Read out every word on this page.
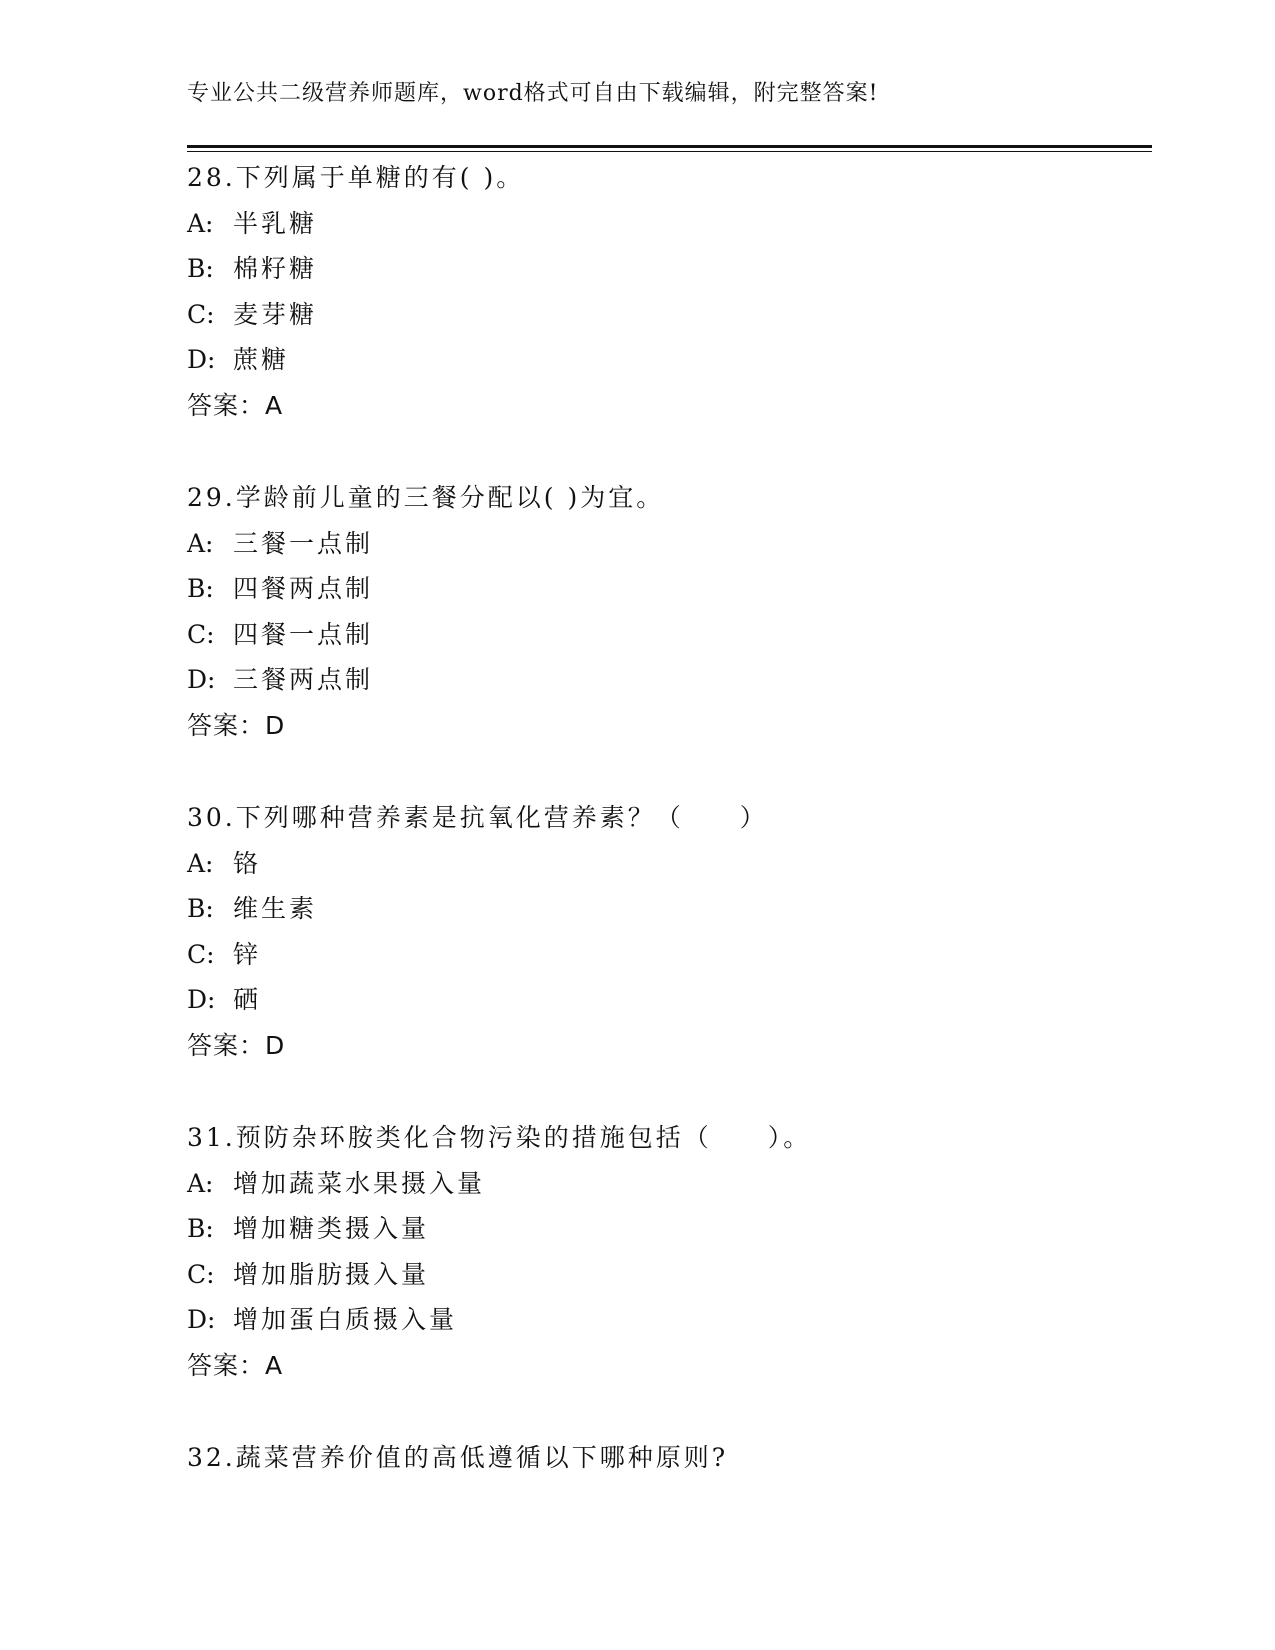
专业公共二级营养师题库，word格式可自由下载编辑，附完整答案!
28.下列属于单糖的有( )。
A: 半乳糖
B: 棉籽糖
C: 麦芽糖
D: 蔗糖
答案：A
29.学龄前儿童的三餐分配以( )为宜。
A: 三餐一点制
B: 四餐两点制
C: 四餐一点制
D: 三餐两点制
答案：D
30.下列哪种营养素是抗氧化营养素？（　　）
A: 铬
B: 维生素
C: 锌
D: 硒
答案：D
31.预防杂环胺类化合物污染的措施包括（　　）。
A: 增加蔬菜水果摄入量
B: 增加糖类摄入量
C: 增加脂肪摄入量
D: 增加蛋白质摄入量
答案：A
32.蔬菜营养价值的高低遵循以下哪种原则?
